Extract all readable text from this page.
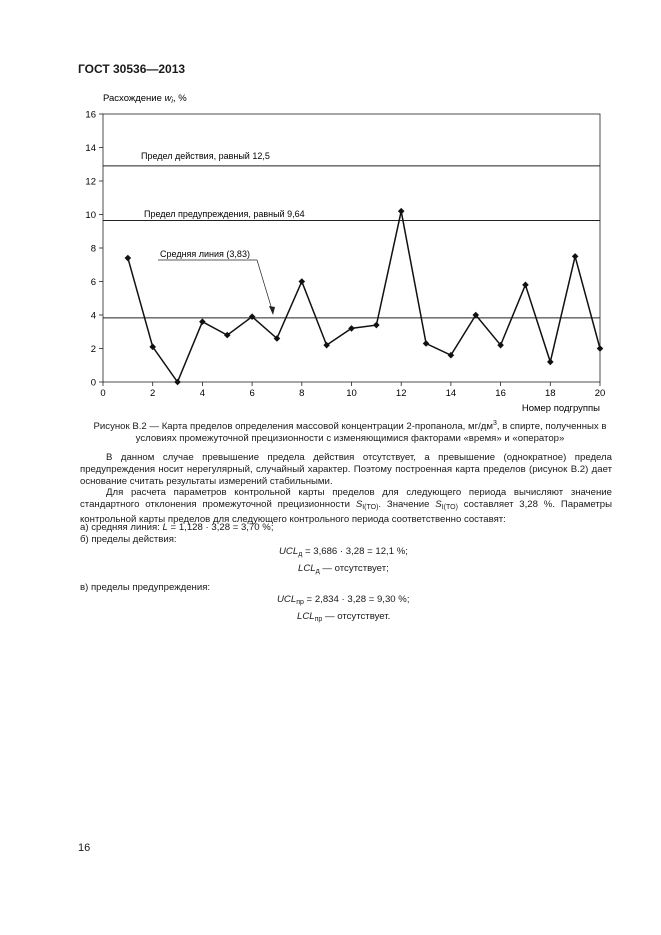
ГОСТ 30536—2013
Расхождение $w_i$, %
0
2
4
6
8
10
12
14
16
0	2	4	6	8	10	12	14	16	18	20
Предел действия, равный 12,5
Предел предупреждения, равный 9,64
Средняя линия (3,83)
Номер подгруппы
Рисунок В.2 — Карта пределов определения массовой концентрации 2-пропанола, $мг/дм^3$, в спирте, полученных в условиях промежуточной прецизионности с изменяющимися факторами «время» и «оператор»

В данном случае превышение предела действия отсутствует, а превышение (однократное) предела предупреждения носит нерегулярный, случайный характер. Поэтому построенная карта пределов (рисунок В.2) дает основание считать результаты измерений стабильными.

Для расчета параметров контрольной карты пределов для следующего периода вычисляют значение стандартного отклонения промежуточной прецизионности $S_{I(TO)}$. Значение $S_{I(TO)}$ составляет 3,28 %. Параметры контрольной карты пределов для следующего контрольного периода соответственно составят:

а) средняя линия: L = 1,128 · 3,28 = 3,70 %;
б) пределы действия:
$UCL_д = 3,686 \cdot 3,28 = 12,1$ %;
$LCL_д$ — отсутствует;
в) пределы предупреждения:
$UCL_{пр} = 2,834 \cdot 3,28 = 9,30$ %;
$LCL_{пр}$ — отсутствует.
16
